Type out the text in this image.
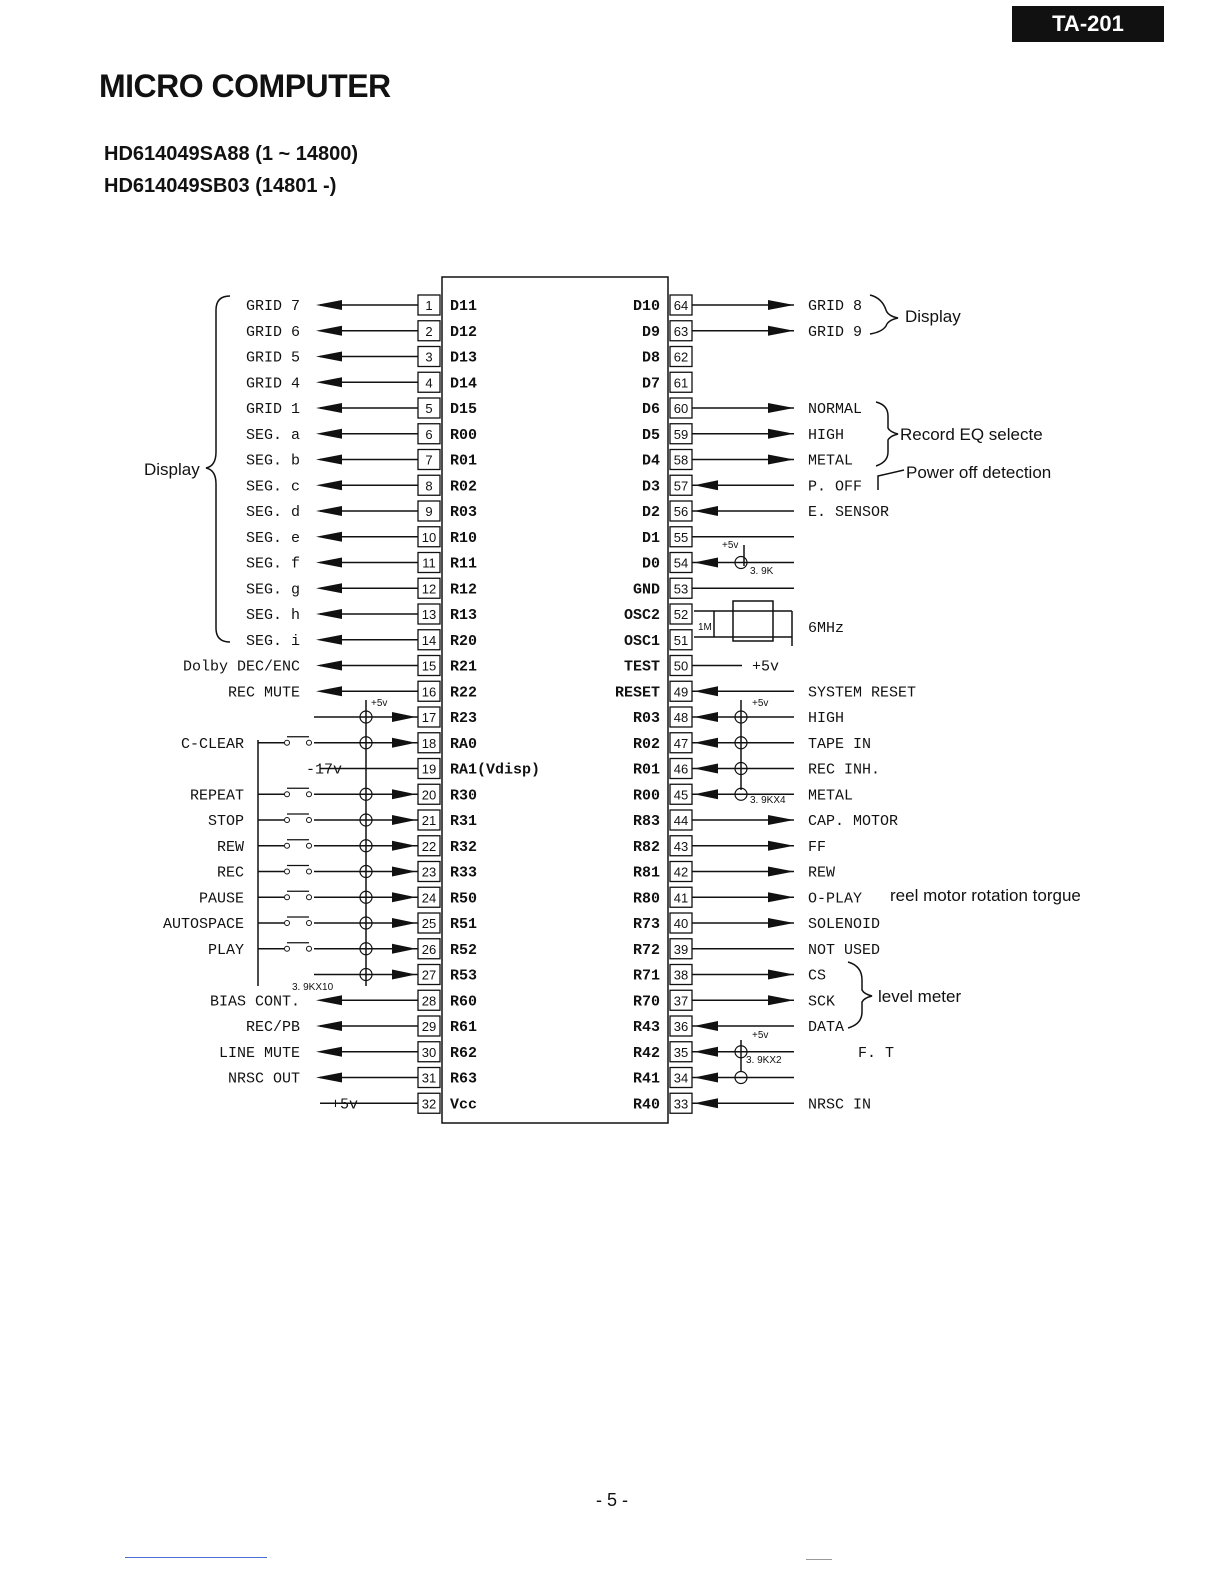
TA-201
MICRO COMPUTER
HD614049SA88 (1 ~ 14800)
HD614049SB03 (14801 -)
1 D11
GRID 7
2 D12
GRID 6
3 D13
GRID 5
4 D14
GRID 4
5 D15
GRID 1
6 R00
SEG. a
7 R01
SEG. b
8 R02
SEG. c
9 R03
SEG. d
10 R10
SEG. e
11 R11
SEG. f
12 R12
SEG. g
13 R13
SEG. h
14 R20
SEG. i
15 R21
Dolby DEC/ENC
16 R22
REC MUTE
17 R23
18 RA0
C-CLEAR
19 RA1(Vdisp)
-17v
20 R30
REPEAT
21 R31
STOP
22 R32
REW
23 R33
REC
24 R50
PAUSE
25 R51
AUTOSPACE
26 R52
PLAY
27 R53
28 R60
BIAS CONT.
29 R61
REC/PB
30 R62
LINE MUTE
31 R63
NRSC OUT
32 Vcc
+5v
64
D10	GRID 8
63
D9	GRID 9
62
D8
61
D7
60
D6	NORMAL
59
D5	HIGH
58
D4	METAL
57
D3	P. OFF
56
D2	E. SENSOR
55
D1
54
D0
53
GND
52
OSC2
51
OSC1
50
TEST	+5v
49
RESET	SYSTEM RESET
48
R03	HIGH
47
R02	TAPE IN
46
R01	REC INH.
45
R00	METAL
44
R83	CAP. MOTOR
43
R82	FF
42
R81	REW
41
R80	O-PLAY
40
R73	SOLENOID
39
R72	NOT USED
38
R71	CS
37
R70	SCK
36
R43	DATA
35
R42	F. T
34
R41
33
R40	NRSC IN
Display
Display
Record EQ selecte
Power off detection
reel motor rotation torgue
level meter
6MHz
1M
+5v	+5v
+5v
+5v
3. 9K
3. 9KX4
3. 9KX2
3. 9KX10
- 5 -
